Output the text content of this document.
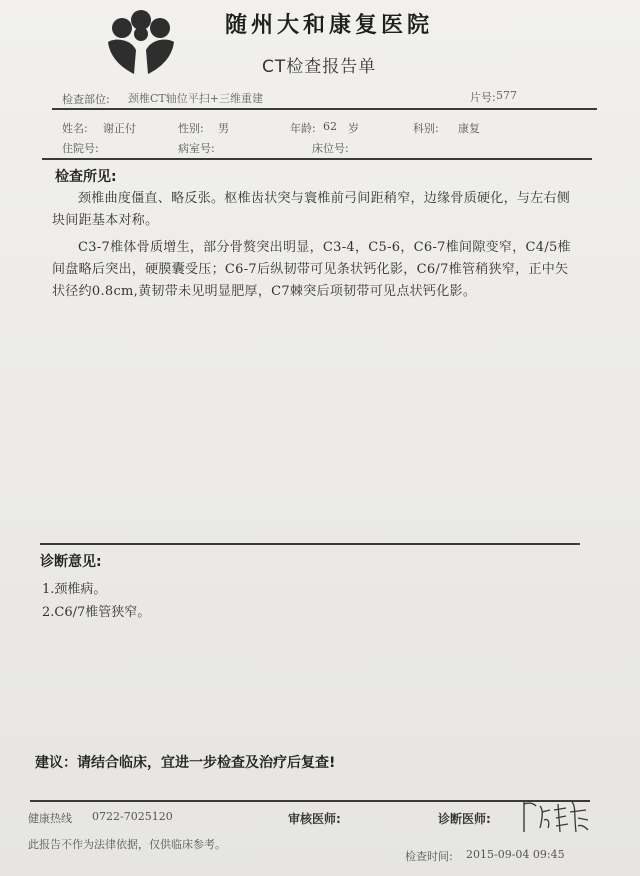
随州大和康复医院
CT检查报告单
检查部位: 颈椎CT轴位平扫+三维重建	片号: 577
姓名: 谢正付	性别: 男	年龄: 62 岁	科别: 康复
住院号:	病室号:	床位号:
检查所见:
颈椎曲度僵直、略反张。枢椎齿状突与寰椎前弓间距稍窄，边缘骨质硬化，与左右侧块间距基本对称。
C3-7椎体骨质增生，部分骨赘突出明显，C3-4，C5-6，C6-7椎间隙变窄，C4/5椎间盘略后突出，硬膜囊受压；C6-7后纵韧带可见条状钙化影，C6/7椎管稍狭窄，正中矢状径约0.8cm,黄韧带未见明显肥厚，C7棘突后项韧带可见点状钙化影。
诊断意见:
1.颈椎病。
2.C6/7椎管狭窄。
建议：请结合临床，宜进一步检查及治疗后复查!
健康热线 0722-7025120	审核医师:	诊断医师:
此报告不作为法律依据，仅供临床参考。
检查时间: 2015-09-04 09:45
